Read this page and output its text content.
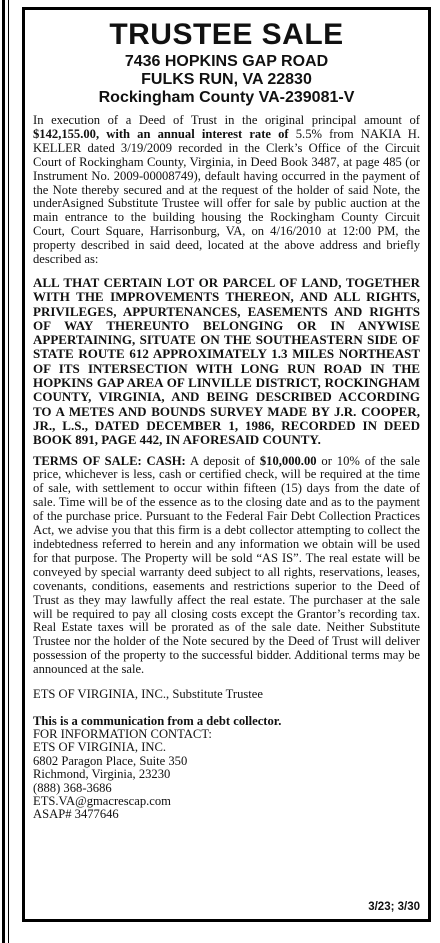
TRUSTEE SALE
7436 HOPKINS GAP ROAD
FULKS RUN, VA 22830
Rockingham County VA-239081-V

In execution of a Deed of Trust in the original principal amount of $142,155.00, with an annual interest rate of 5.5% from NAKIA H. KELLER dated 3/19/2009 recorded in the Clerk’s Office of the Circuit Court of Rockingham County, Virginia, in Deed Book 3487, at page 485 (or Instrument No. 2009-00008749), default having occurred in the payment of the Note thereby secured and at the request of the holder of said Note, the underAsigned Substitute Trustee will offer for sale by public auction at the main entrance to the building housing the Rockingham County Circuit Court, Court Square, Harrisonburg, VA, on 4/16/2010 at 12:00 PM, the property described in said deed, located at the above address and briefly described as:

ALL THAT CERTAIN LOT OR PARCEL OF LAND, TOGETHER WITH THE IMPROVEMENTS THEREON, AND ALL RIGHTS, PRIVILEGES, APPURTENANCES, EASEMENTS AND RIGHTS OF WAY THEREUNTO BELONGING OR IN ANYWISE APPERTAINING, SITUATE ON THE SOUTHEASTERN SIDE OF STATE ROUTE 612 APPROXIMATELY 1.3 MILES NORTHEAST OF ITS INTERSECTION WITH LONG RUN ROAD IN THE HOPKINS GAP AREA OF LINVILLE DISTRICT, ROCKINGHAM COUNTY, VIRGINIA, AND BEING DESCRIBED ACCORDING TO A METES AND BOUNDS SURVEY MADE BY J.R. COOPER, JR., L.S., DATED DECEMBER 1, 1986, RECORDED IN DEED BOOK 891, PAGE 442, IN AFORESAID COUNTY.

TERMS OF SALE: CASH: A deposit of $10,000.00 or 10% of the sale price, whichever is less, cash or certified check, will be required at the time of sale, with settlement to occur within fifteen (15) days from the date of sale. Time will be of the essence as to the closing date and as to the payment of the purchase price. Pursuant to the Federal Fair Debt Collection Practices Act, we advise you that this firm is a debt collector attempting to collect the indebtedness referred to herein and any information we obtain will be used for that purpose. The Property will be sold “AS IS”. The real estate will be conveyed by special warranty deed subject to all rights, reservations, leases, covenants, conditions, easements and restrictions superior to the Deed of Trust as they may lawfully affect the real estate. The purchaser at the sale will be required to pay all closing costs except the Grantor’s recording tax. Real Estate taxes will be prorated as of the sale date. Neither Substitute Trustee nor the holder of the Note secured by the Deed of Trust will deliver possession of the property to the successful bidder. Additional terms may be announced at the sale.

ETS OF VIRGINIA, INC., Substitute Trustee

This is a communication from a debt collector.

FOR INFORMATION CONTACT:

ETS OF VIRGINIA, INC.

6802 Paragon Place, Suite 350

Richmond, Virginia, 23230

(888) 368-3686

ETS.VA@gmacrescap.com

ASAP# 3477646

3/23; 3/30
